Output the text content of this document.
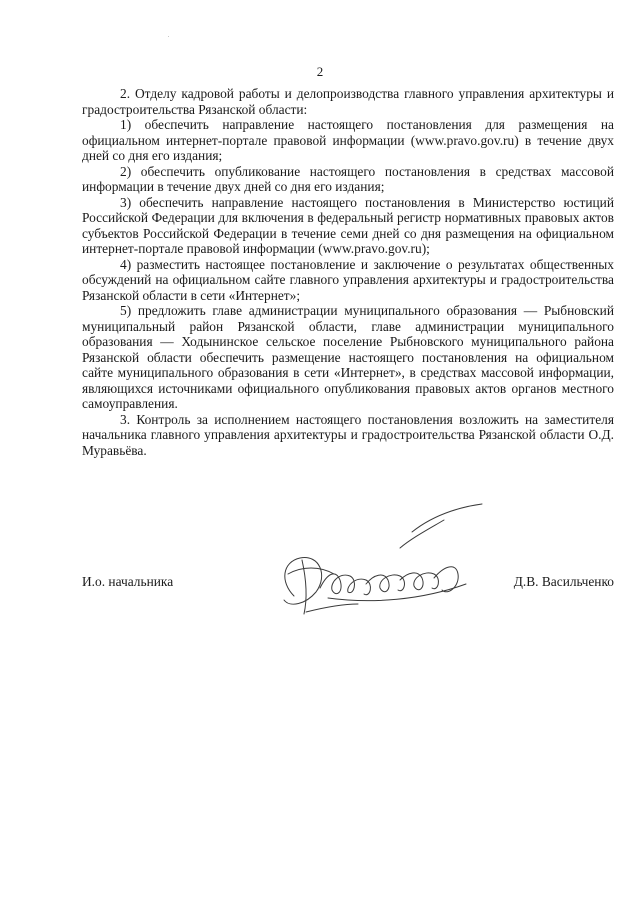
2

2. Отделу кадровой работы и делопроизводства главного управления архитектуры и градостроительства Рязанской области:

1) обеспечить направление настоящего постановления для размещения на официальном интернет-портале правовой информации (www.pravo.gov.ru) в течение двух дней со дня его издания;

2) обеспечить опубликование настоящего постановления в средствах массовой информации в течение двух дней со дня его издания;

3) обеспечить направление настоящего постановления в Министерство юстиций Российской Федерации для включения в федеральный регистр нормативных правовых актов субъектов Российской Федерации в течение семи дней со дня размещения на официальном интернет-портале правовой информации (www.pravo.gov.ru);

4) разместить настоящее постановление и заключение о результатах общественных обсуждений на официальном сайте главного управления архитектуры и градостроительства Рязанской области в сети «Интернет»;

5) предложить главе администрации муниципального образования — Рыбновский муниципальный район Рязанской области, главе администрации муниципального образования — Ходынинское сельское поселение Рыбновского муниципального района Рязанской области обеспечить размещение настоящего постановления на официальном сайте муниципального образования в сети «Интернет», в средствах массовой информации, являющихся источниками официального опубликования правовых актов органов местного самоуправления.

3. Контроль за исполнением настоящего постановления возложить на заместителя начальника главного управления архитектуры и градостроительства Рязанской области О.Д. Муравьёва.

И.о. начальника	Д.В. Васильченко
